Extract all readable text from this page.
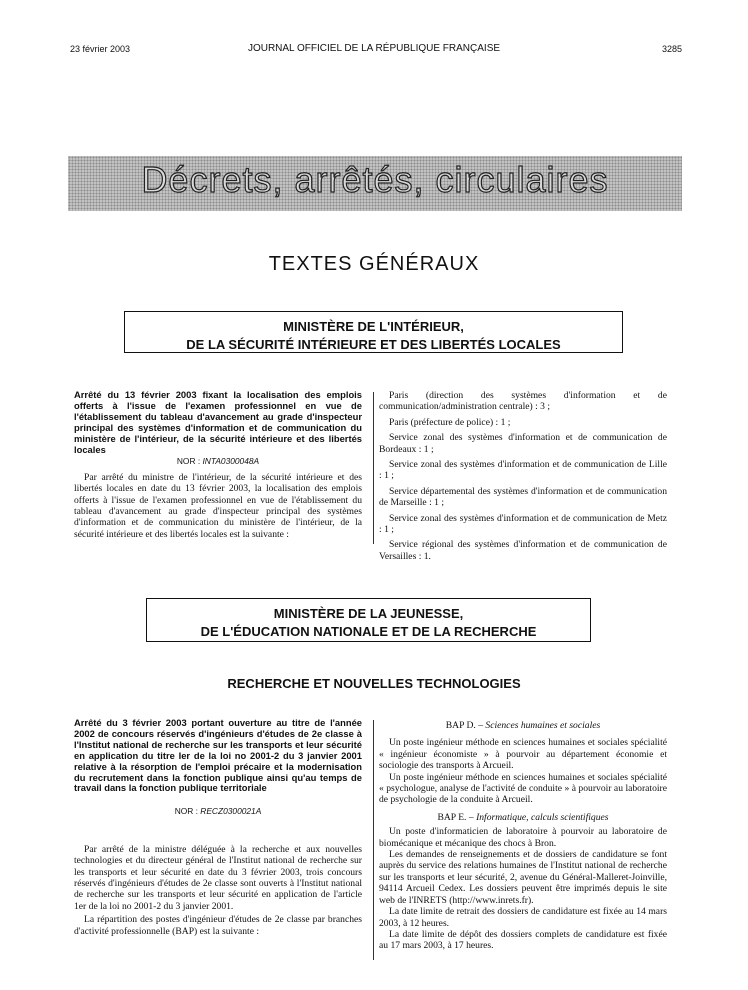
23 février 2003	JOURNAL OFFICIEL DE LA RÉPUBLIQUE FRANÇAISE	3285
Décrets, arrêtés, circulaires
TEXTES GÉNÉRAUX
MINISTÈRE DE L'INTÉRIEUR,
DE LA SÉCURITÉ INTÉRIEURE ET DES LIBERTÉS LOCALES

Arrêté du 13 février 2003 fixant la localisation des emplois offerts à l'issue de l'examen professionnel en vue de l'établissement du tableau d'avancement au grade d'inspecteur principal des systèmes d'information et de communication du ministère de l'intérieur, de la sécurité intérieure et des libertés locales

NOR : INTA0300048A

Par arrêté du ministre de l'intérieur, de la sécurité intérieure et des libertés locales en date du 13 février 2003, la localisation des emplois offerts à l'issue de l'examen professionnel en vue de l'établissement du tableau d'avancement au grade d'inspecteur principal des systèmes d'information et de communication du ministère de l'intérieur, de la sécurité intérieure et des libertés locales est la suivante :

Paris (direction des systèmes d'information et de communication/administration centrale) : 3 ;

Paris (préfecture de police) : 1 ;

Service zonal des systèmes d'information et de communication de Bordeaux : 1 ;

Service zonal des systèmes d'information et de communication de Lille : 1 ;

Service départemental des systèmes d'information et de communication de Marseille : 1 ;

Service zonal des systèmes d'information et de communication de Metz : 1 ;

Service régional des systèmes d'information et de communication de Versailles : 1.

MINISTÈRE DE LA JEUNESSE,
DE L'ÉDUCATION NATIONALE ET DE LA RECHERCHE
RECHERCHE ET NOUVELLES TECHNOLOGIES

Arrêté du 3 février 2003 portant ouverture au titre de l'année 2002 de concours réservés d'ingénieurs d'études de 2e classe à l'Institut national de recherche sur les transports et leur sécurité en application du titre Ier de la loi no 2001-2 du 3 janvier 2001 relative à la résorption de l'emploi précaire et la modernisation du recrutement dans la fonction publique ainsi qu'au temps de travail dans la fonction publique territoriale

NOR : RECZ0300021A

Par arrêté de la ministre déléguée à la recherche et aux nouvelles technologies et du directeur général de l'Institut national de recherche sur les transports et leur sécurité en date du 3 février 2003, trois concours réservés d'ingénieurs d'études de 2e classe sont ouverts à l'Institut national de recherche sur les transports et leur sécurité en application de l'article 1er de la loi no 2001-2 du 3 janvier 2001.

La répartition des postes d'ingénieur d'études de 2e classe par branches d'activité professionnelle (BAP) est la suivante :

BAP D. – Sciences humaines et sociales

Un poste ingénieur méthode en sciences humaines et sociales spécialité « ingénieur économiste » à pourvoir au département économie et sociologie des transports à Arcueil.

Un poste ingénieur méthode en sciences humaines et sociales spécialité « psychologue, analyse de l'activité de conduite » à pourvoir au laboratoire de psychologie de la conduite à Arcueil.

BAP E. – Informatique, calculs scientifiques

Un poste d'informaticien de laboratoire à pourvoir au laboratoire de biomécanique et mécanique des chocs à Bron.

Les demandes de renseignements et de dossiers de candidature se font auprès du service des relations humaines de l'Institut national de recherche sur les transports et leur sécurité, 2, avenue du Général-Malleret-Joinville, 94114 Arcueil Cedex. Les dossiers peuvent être imprimés depuis le site web de l'INRETS (http://www.inrets.fr).

La date limite de retrait des dossiers de candidature est fixée au 14 mars 2003, à 12 heures.

La date limite de dépôt des dossiers complets de candidature est fixée au 17 mars 2003, à 17 heures.
